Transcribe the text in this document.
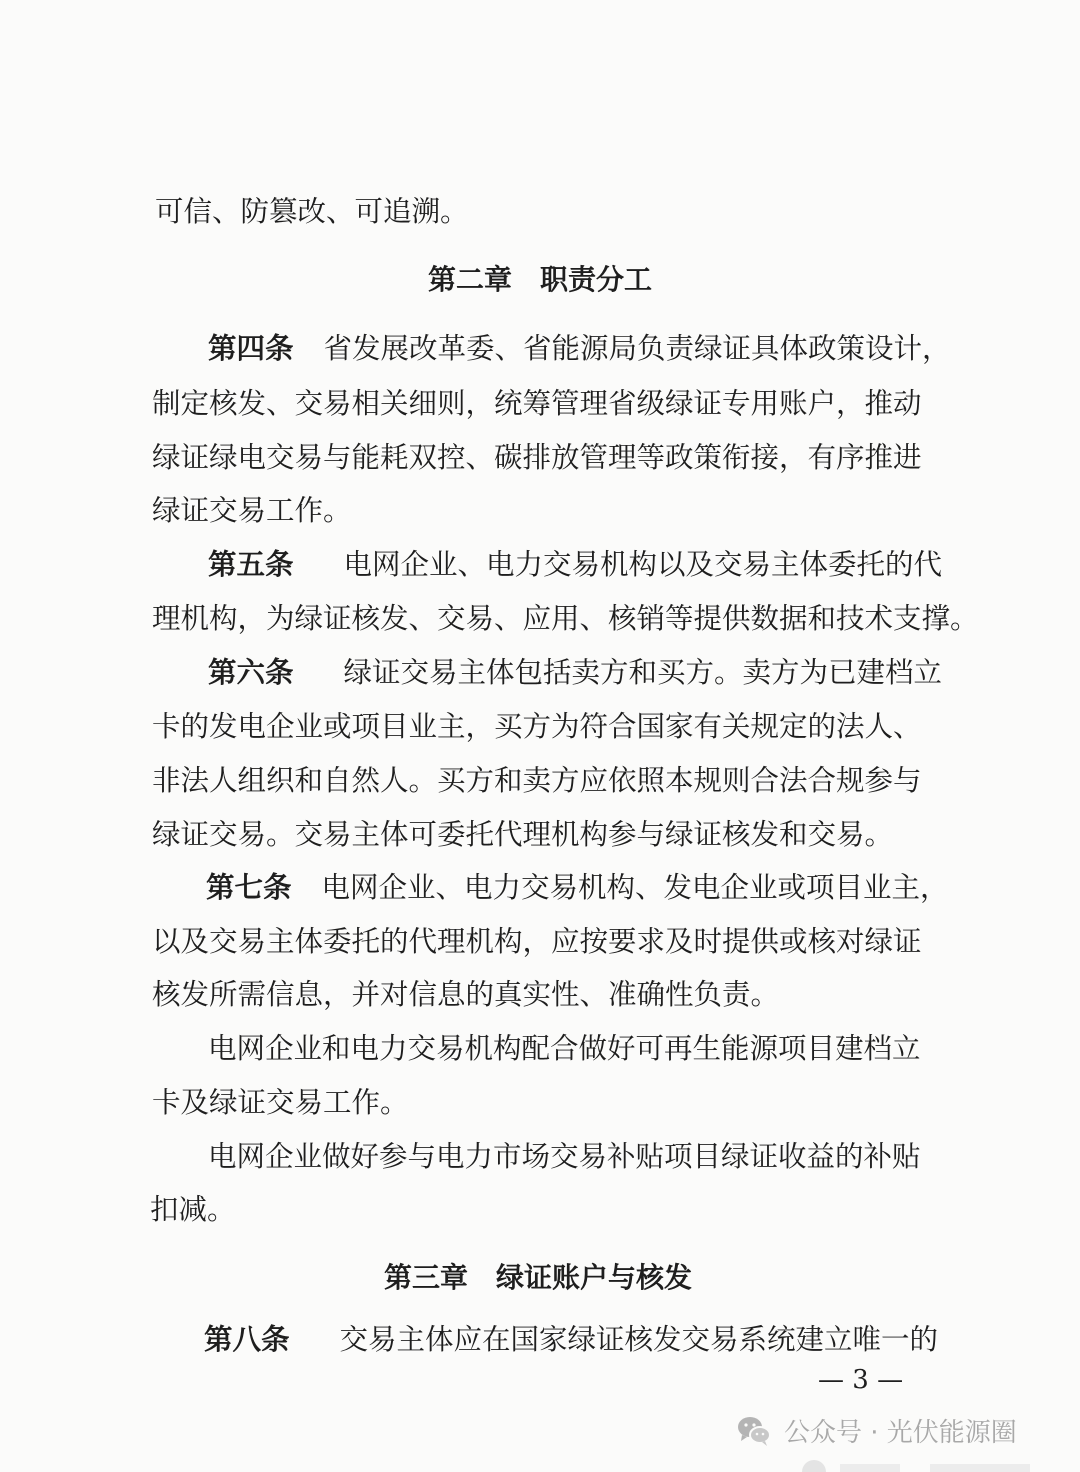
可信、防篡改、可追溯。
第二章　职责分工
第四条 省发展改革委、省能源局负责绿证具体政策设计，
制定核发、交易相关细则，统筹管理省级绿证专用账户，推动
绿证绿电交易与能耗双控、碳排放管理等政策衔接，有序推进
绿证交易工作。
第五条 电网企业、电力交易机构以及交易主体委托的代
理机构，为绿证核发、交易、应用、核销等提供数据和技术支撑。
第六条 绿证交易主体包括卖方和买方。卖方为已建档立
卡的发电企业或项目业主，买方为符合国家有关规定的法人、
非法人组织和自然人。买方和卖方应依照本规则合法合规参与
绿证交易。交易主体可委托代理机构参与绿证核发和交易。
第七条 电网企业、电力交易机构、发电企业或项目业主，
以及交易主体委托的代理机构，应按要求及时提供或核对绿证
核发所需信息，并对信息的真实性、准确性负责。
电网企业和电力交易机构配合做好可再生能源项目建档立
卡及绿证交易工作。
电网企业做好参与电力市场交易补贴项目绿证收益的补贴
扣减。
第三章　绿证账户与核发
第八条 交易主体应在国家绿证核发交易系统建立唯一的
— 3 —
公众号 · 光伏能源圈
